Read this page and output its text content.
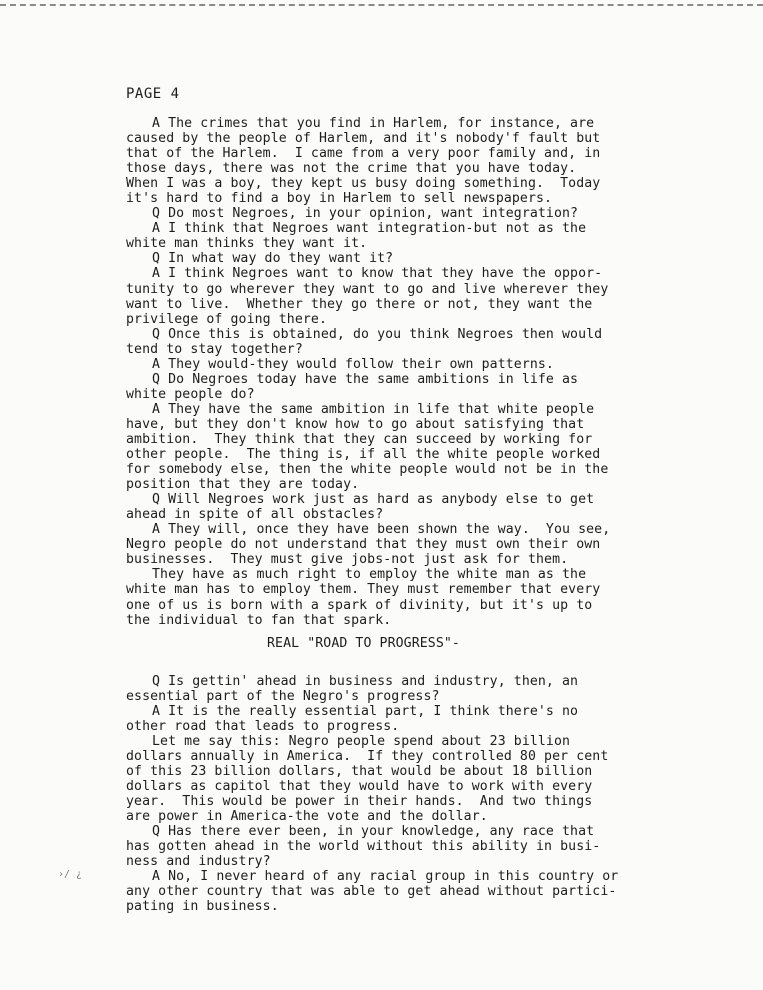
PAGE 4
›/ ¿
A The crimes that you find in Harlem, for instance, are
caused by the people of Harlem, and it's nobody'f fault but
that of the Harlem.  I came from a very poor family and, in
those days, there was not the crime that you have today.
When I was a boy, they kept us busy doing something.  Today
it's hard to find a boy in Harlem to sell newspapers.
Q Do most Negroes, in your opinion, want integration?
A I think that Negroes want integration-but not as the
white man thinks they want it.
Q In what way do they want it?
A I think Negroes want to know that they have the oppor-
tunity to go wherever they want to go and live wherever they
want to live.  Whether they go there or not, they want the
privilege of going there.
Q Once this is obtained, do you think Negroes then would
tend to stay together?
A They would-they would follow their own patterns.
Q Do Negroes today have the same ambitions in life as
white people do?
A They have the same ambition in life that white people
have, but they don't know how to go about satisfying that
ambition.  They think that they can succeed by working for
other people.  The thing is, if all the white people worked
for somebody else, then the white people would not be in the
position that they are today.
Q Will Negroes work just as hard as anybody else to get
ahead in spite of all obstacles?
A They will, once they have been shown the way.  You see,
Negro people do not understand that they must own their own
businesses.  They must give jobs-not just ask for them.
They have as much right to employ the white man as the
white man has to employ them. They must remember that every
one of us is born with a spark of divinity, but it's up to
the individual to fan that spark.
REAL "ROAD TO PROGRESS"-
Q Is gettin' ahead in business and industry, then, an
essential part of the Negro's progress?
A It is the really essential part, I think there's no
other road that leads to progress.
Let me say this: Negro people spend about 23 billion
dollars annually in America.  If they controlled 80 per cent
of this 23 billion dollars, that would be about 18 billion
dollars as capitol that they would have to work with every
year.  This would be power in their hands.  And two things
are power in America-the vote and the dollar.
Q Has there ever been, in your knowledge, any race that
has gotten ahead in the world without this ability in busi-
ness and industry?
A No, I never heard of any racial group in this country or
any other country that was able to get ahead without partici-
pating in business.
